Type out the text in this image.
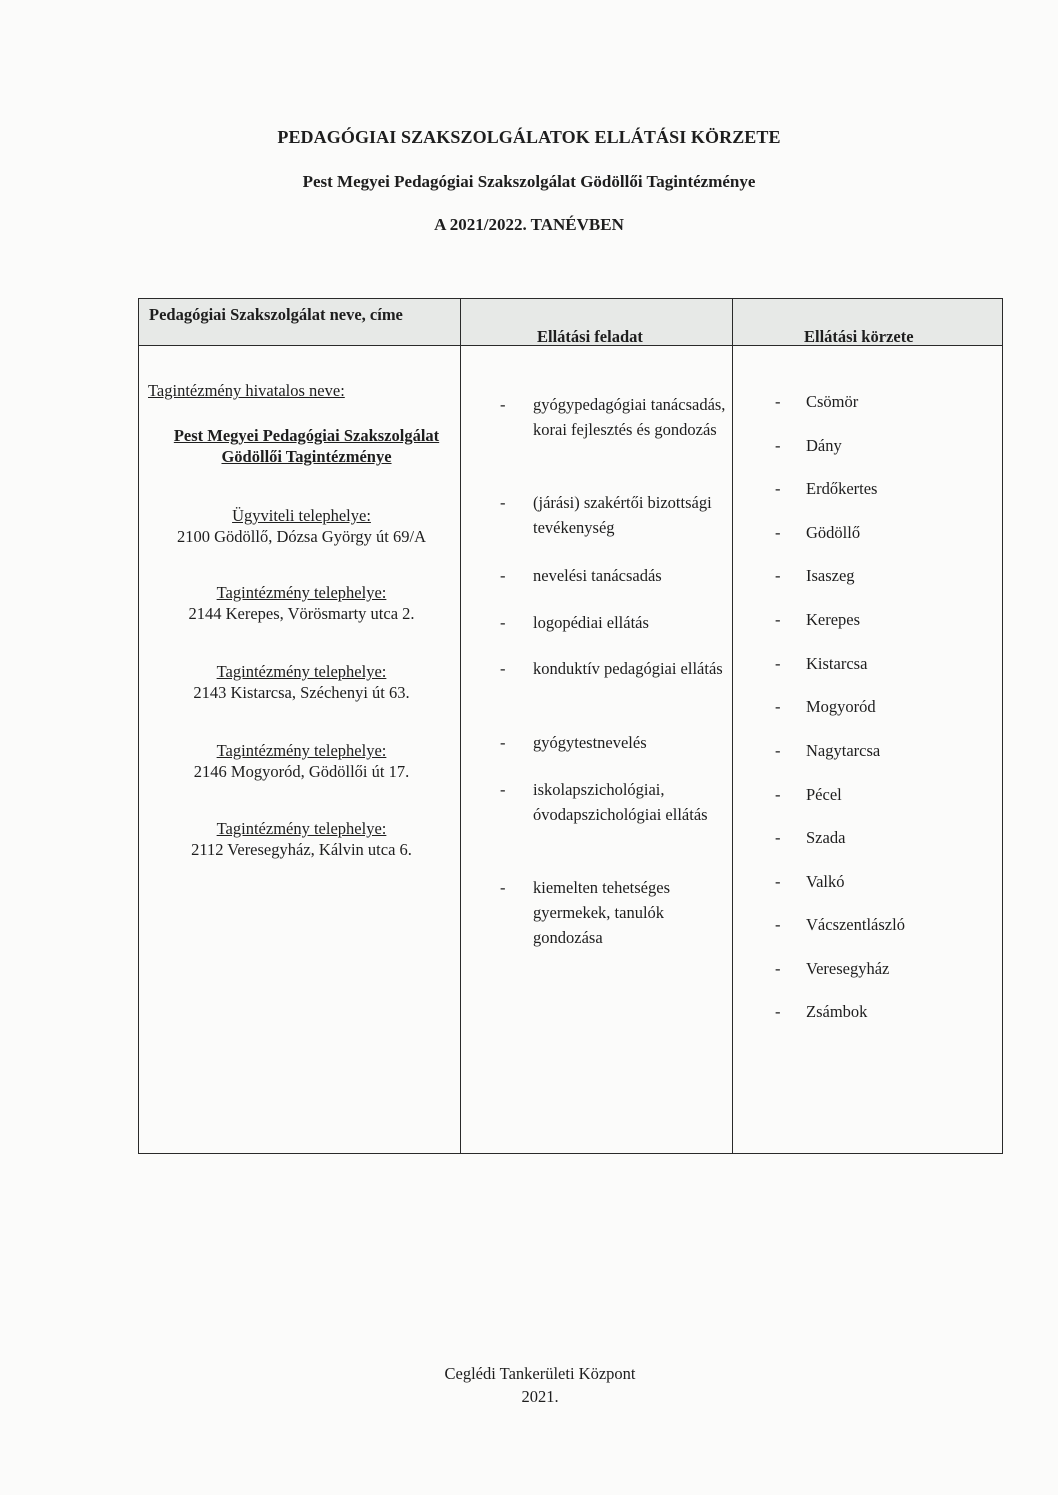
PEDAGÓGIAI SZAKSZOLGÁLATOK ELLÁTÁSI KÖRZETE
Pest Megyei Pedagógiai Szakszolgálat Gödöllői Tagintézménye
A 2021/2022. TANÉVBEN
Pedagógiai Szakszolgálat neve, címe
Ellátási feladat	Ellátási körzete
Tagintézmény hivatalos neve:
Pest Megyei Pedagógiai Szakszolgálat
Gödöllői Tagintézménye
Ügyviteli telephelye:
2100 Gödöllő, Dózsa György út 69/A
Tagintézmény telephelye:
2144 Kerepes, Vörösmarty utca 2.
Tagintézmény telephelye:
2143 Kistarcsa, Széchenyi út 63.
Tagintézmény telephelye:
2146 Mogyoród, Gödöllői út 17.
Tagintézmény telephelye:
2112 Veresegyház, Kálvin utca 6.
- gyógypedagógiai tanácsadás, korai fejlesztés és gondozás
- (járási) szakértői bizottsági tevékenység
- nevelési tanácsadás
- logopédiai ellátás
- konduktív pedagógiai ellátás
- gyógytestnevelés
- iskolapszichológiai, óvodapszichológiai ellátás
- kiemelten tehetséges gyermekek, tanulók gondozása
- Csömör
- Dány
- Erdőkertes
- Gödöllő
- Isaszeg
- Kerepes
- Kistarcsa
- Mogyoród
- Nagytarcsa
- Pécel
- Szada
- Valkó
- Vácszentlászló
- Veresegyház
- Zsámbok
Ceglédi Tankerületi Központ
2021.
